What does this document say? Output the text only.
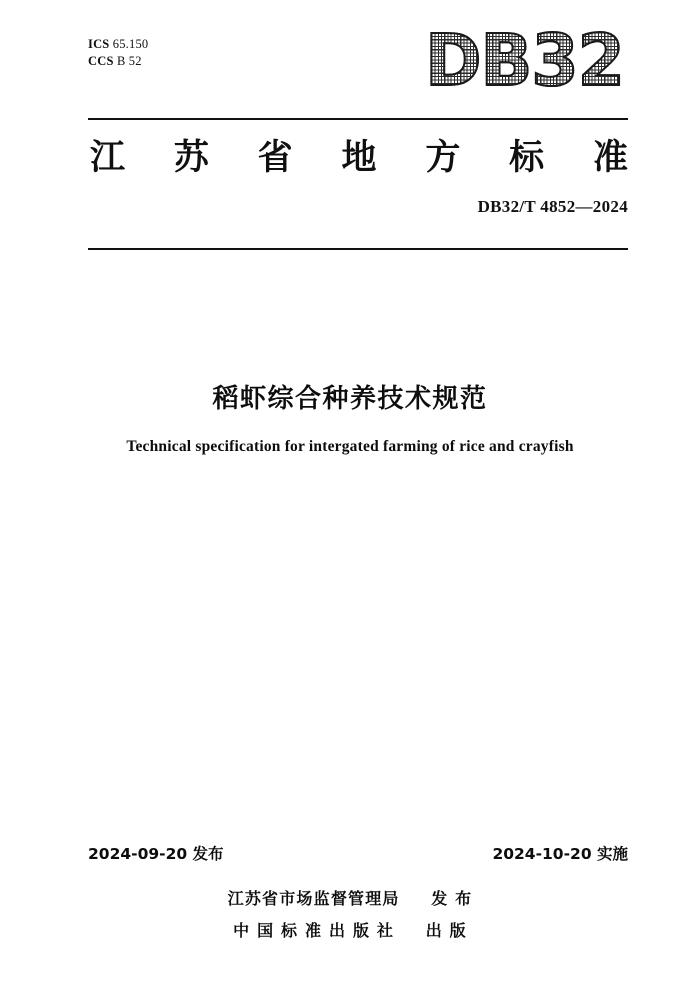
ICS 65.150
CCS B 52	DB32
江 苏 省 地 方 标 准
DB32/T 4852—2024
稻虾综合种养技术规范
Technical specification for intergated farming of rice and crayfish
2024-09-20 发布	2024-10-20 实施
江苏省市场监督管理局 发 布
中 国 标 准 出 版 社 出 版
